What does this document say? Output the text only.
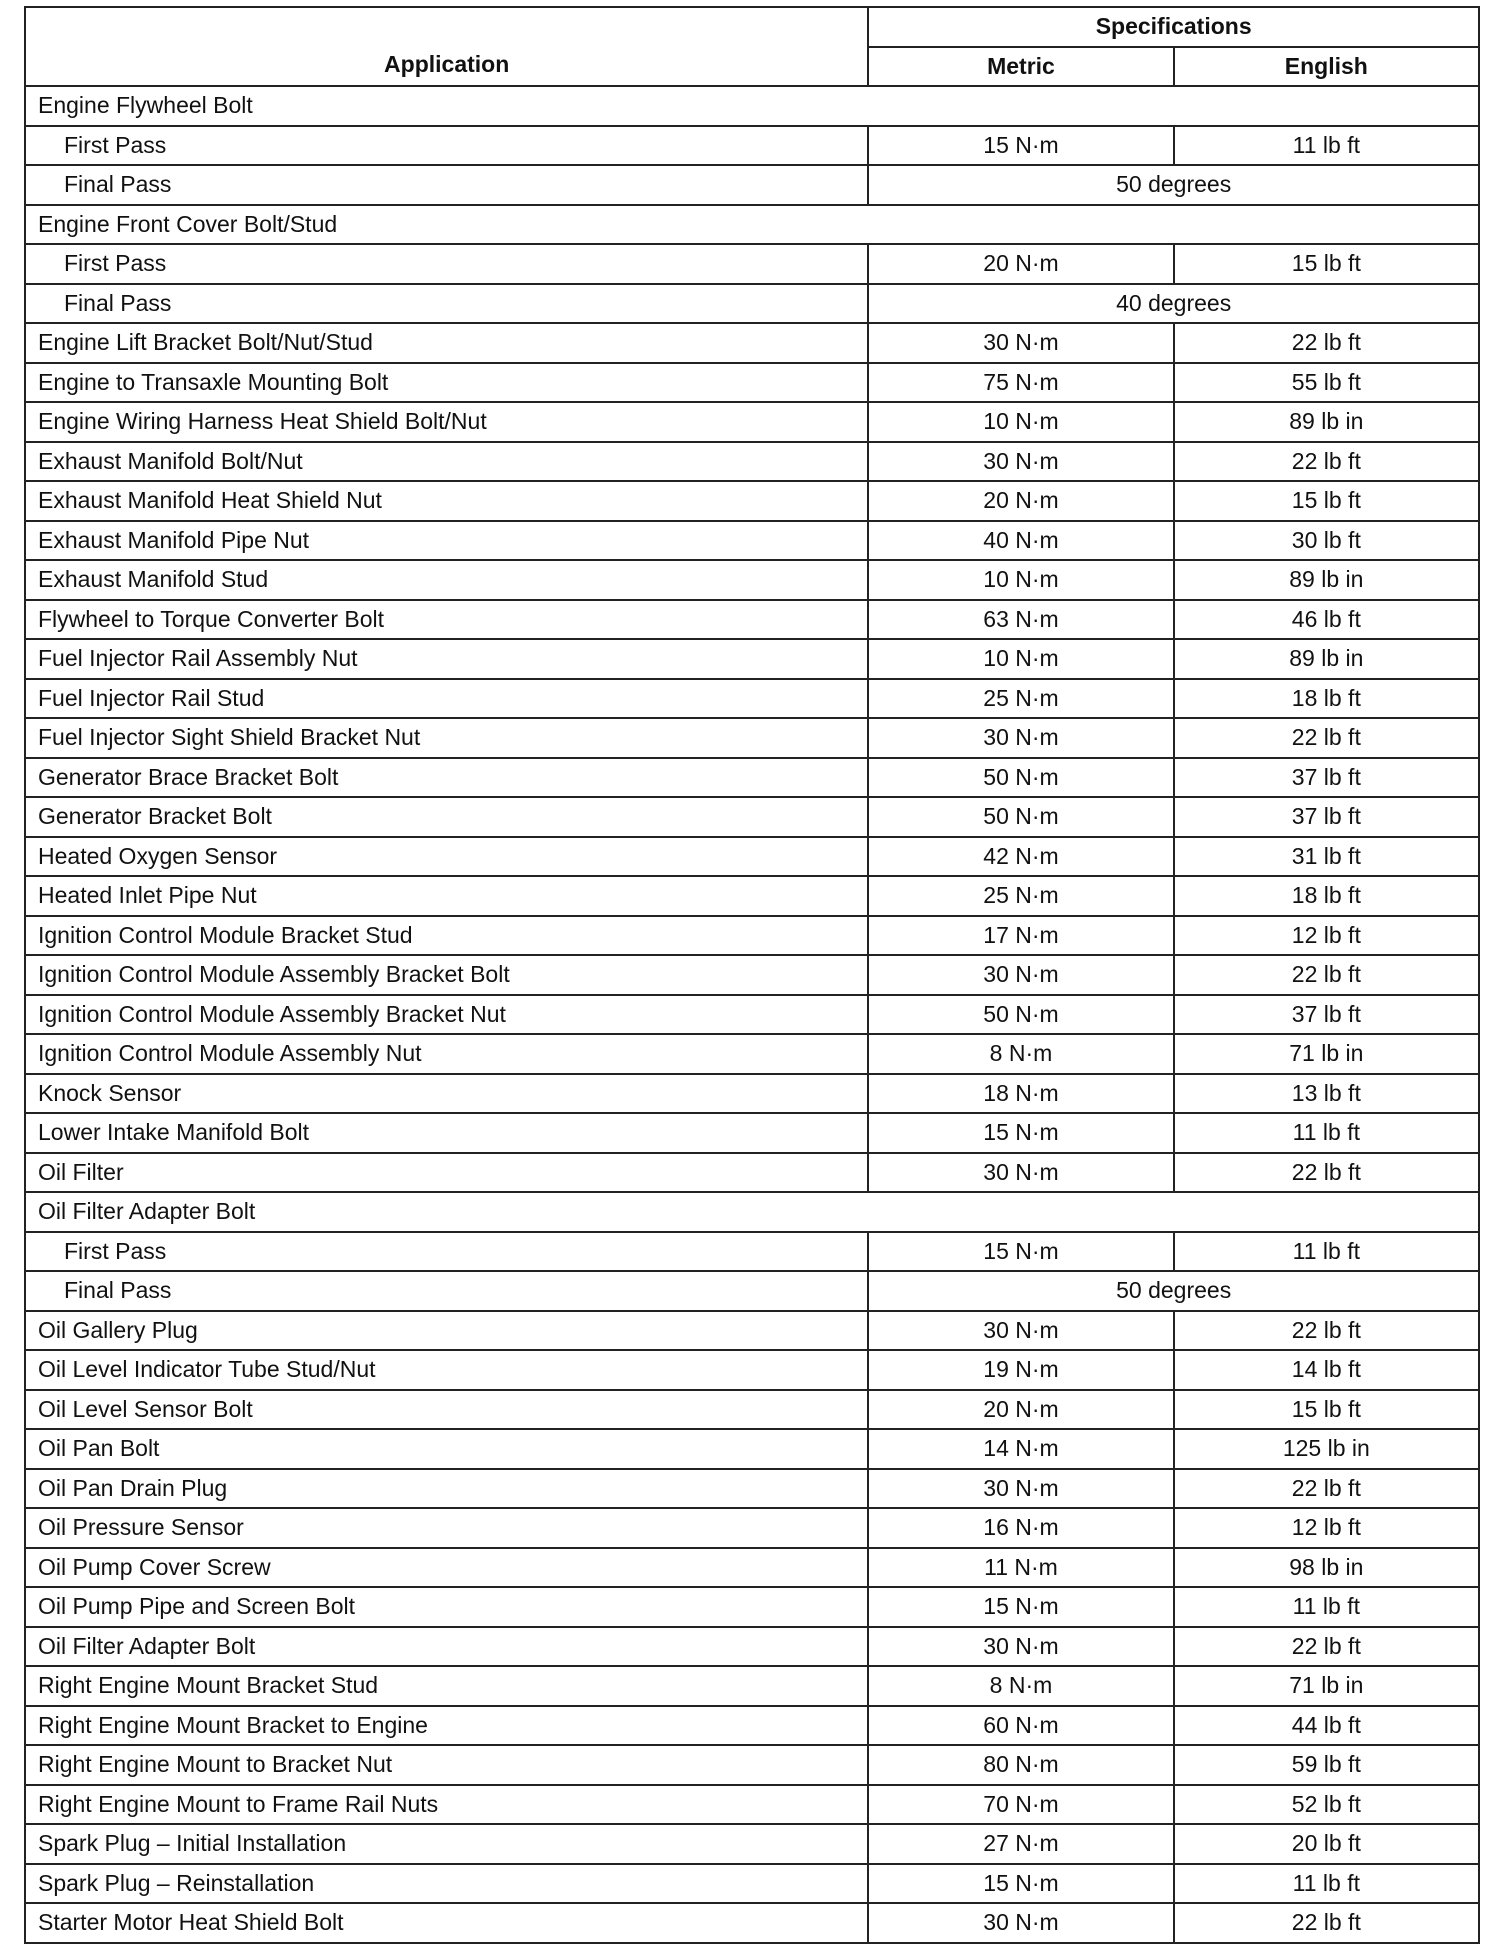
Application	Specifications	
	Metric	English
Engine Flywheel Bolt		
First Pass	15 N·m	11 lb ft
Final Pass	50 degrees	
Engine Front Cover Bolt/Stud		
First Pass	20 N·m	15 lb ft
Final Pass	40 degrees	
Engine Lift Bracket Bolt/Nut/Stud	30 N·m	22 lb ft
Engine to Transaxle Mounting Bolt	75 N·m	55 lb ft
Engine Wiring Harness Heat Shield Bolt/Nut	10 N·m	89 lb in
Exhaust Manifold Bolt/Nut	30 N·m	22 lb ft
Exhaust Manifold Heat Shield Nut	20 N·m	15 lb ft
Exhaust Manifold Pipe Nut	40 N·m	30 lb ft
Exhaust Manifold Stud	10 N·m	89 lb in
Flywheel to Torque Converter Bolt	63 N·m	46 lb ft
Fuel Injector Rail Assembly Nut	10 N·m	89 lb in
Fuel Injector Rail Stud	25 N·m	18 lb ft
Fuel Injector Sight Shield Bracket Nut	30 N·m	22 lb ft
Generator Brace Bracket Bolt	50 N·m	37 lb ft
Generator Bracket Bolt	50 N·m	37 lb ft
Heated Oxygen Sensor	42 N·m	31 lb ft
Heated Inlet Pipe Nut	25 N·m	18 lb ft
Ignition Control Module Bracket Stud	17 N·m	12 lb ft
Ignition Control Module Assembly Bracket Bolt	30 N·m	22 lb ft
Ignition Control Module Assembly Bracket Nut	50 N·m	37 lb ft
Ignition Control Module Assembly Nut	8 N·m	71 lb in
Knock Sensor	18 N·m	13 lb ft
Lower Intake Manifold Bolt	15 N·m	11 lb ft
Oil Filter	30 N·m	22 lb ft
Oil Filter Adapter Bolt		
First Pass	15 N·m	11 lb ft
Final Pass	50 degrees	
Oil Gallery Plug	30 N·m	22 lb ft
Oil Level Indicator Tube Stud/Nut	19 N·m	14 lb ft
Oil Level Sensor Bolt	20 N·m	15 lb ft
Oil Pan Bolt	14 N·m	125 lb in
Oil Pan Drain Plug	30 N·m	22 lb ft
Oil Pressure Sensor	16 N·m	12 lb ft
Oil Pump Cover Screw	11 N·m	98 lb in
Oil Pump Pipe and Screen Bolt	15 N·m	11 lb ft
Oil Filter Adapter Bolt	30 N·m	22 lb ft
Right Engine Mount Bracket Stud	8 N·m	71 lb in
Right Engine Mount Bracket to Engine	60 N·m	44 lb ft
Right Engine Mount to Bracket Nut	80 N·m	59 lb ft
Right Engine Mount to Frame Rail Nuts	70 N·m	52 lb ft
Spark Plug – Initial Installation	27 N·m	20 lb ft
Spark Plug – Reinstallation	15 N·m	11 lb ft
Starter Motor Heat Shield Bolt	30 N·m	22 lb ft
